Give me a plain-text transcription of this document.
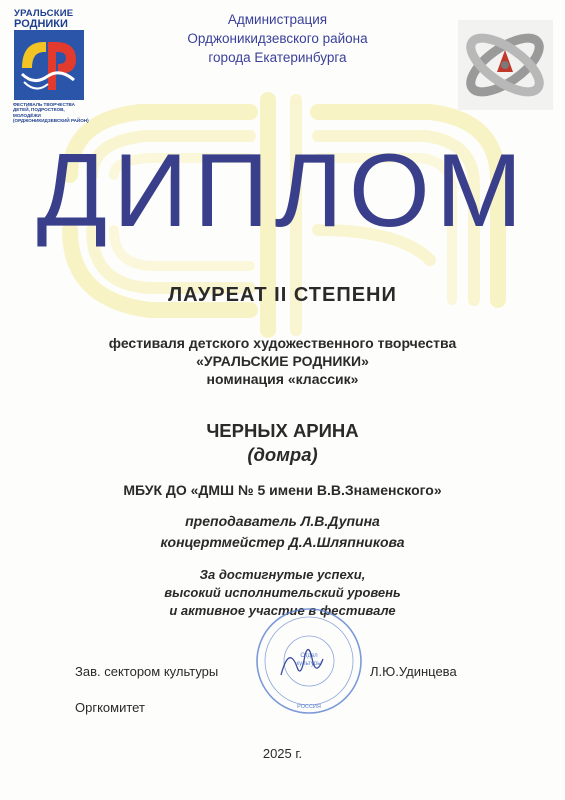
УРАЛЬСКИЕ
РОДНИКИ
ФЕСТИВАЛЬ ТВОРЧЕСТВА
ДЕТЕЙ, ПОДРОСТКОВ, МОЛОДЁЖИ
(ОРДЖОНИКИДЗЕВСКИЙ РАЙОН)
Администрация
Орджоникидзевского района
города Екатеринбурга
ДИПЛОМ
ЛАУРЕАТ II СТЕПЕНИ
фестиваля детского художественного творчества
«УРАЛЬСКИЕ РОДНИКИ»
номинация «классик»
ЧЕРНЫХ АРИНА
(домра)
МБУК ДО «ДМШ № 5 имени В.В.Знаменского»
преподаватель Л.В.Дупина
концертмейстер Д.А.Шляпникова
За достигнутые успехи,
высокий исполнительский уровень
и активное участие в фестивале
Отдел
культуры
РОССИЯ
Зав. сектором культуры	Л.Ю.Удинцева
Оргкомитет
2025 г.
